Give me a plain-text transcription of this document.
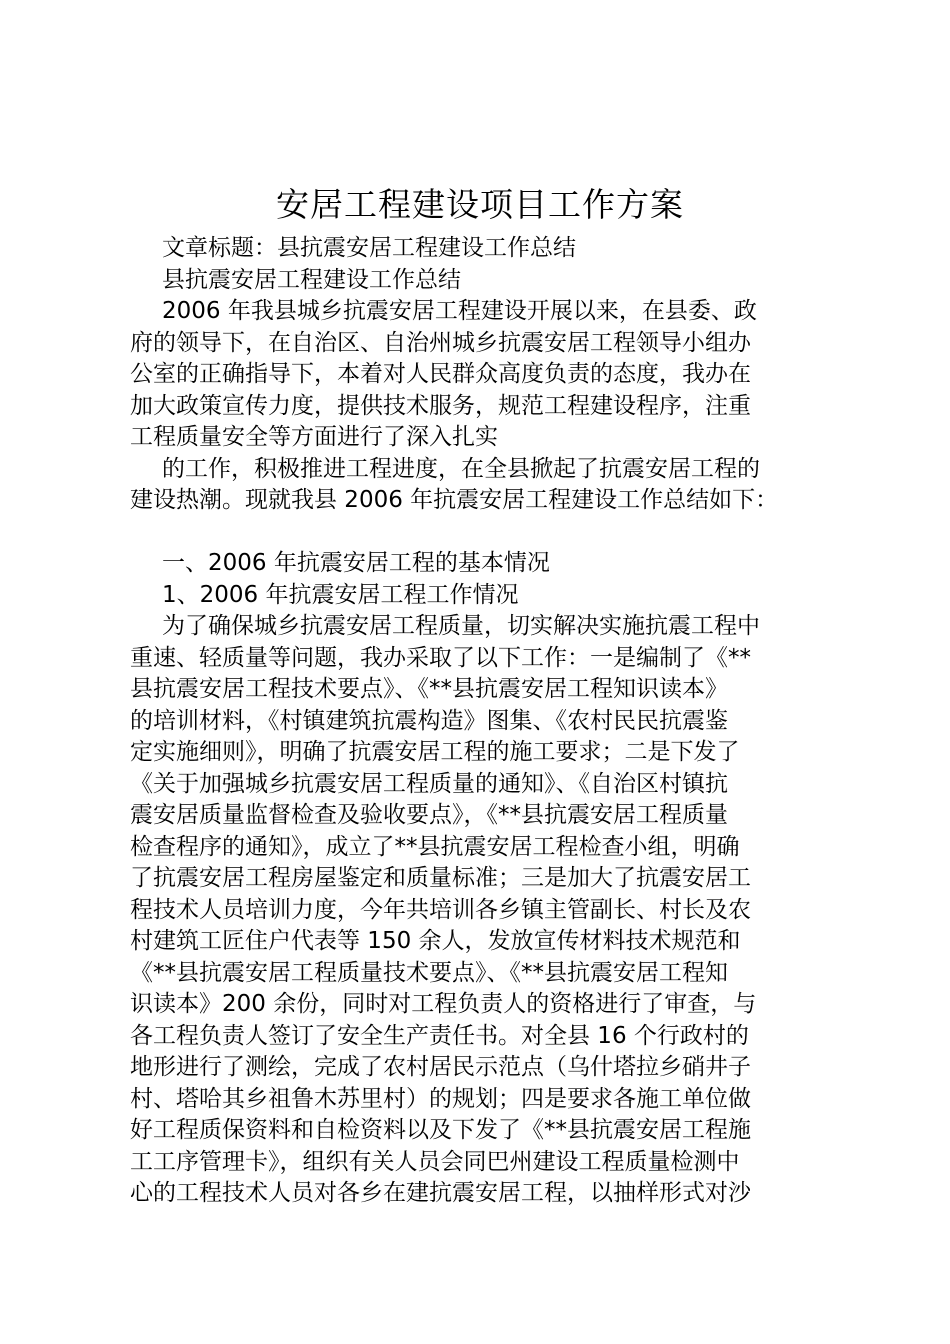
安居工程建设项目工作方案
文章标题：县抗震安居工程建设工作总结
县抗震安居工程建设工作总结
2006 年我县城乡抗震安居工程建设开展以来，在县委、政
府的领导下，在自治区、自治州城乡抗震安居工程领导小组办
公室的正确指导下，本着对人民群众高度负责的态度，我办在
加大政策宣传力度，提供技术服务，规范工程建设程序，注重
工程质量安全等方面进行了深入扎实
的工作，积极推进工程进度，在全县掀起了抗震安居工程的
建设热潮。现就我县 2006 年抗震安居工程建设工作总结如下：
一、2006 年抗震安居工程的基本情况
1、2006 年抗震安居工程工作情况
为了确保城乡抗震安居工程质量，切实解决实施抗震工程中
重速、轻质量等问题，我办采取了以下工作：一是编制了《**
县抗震安居工程技术要点》、《**县抗震安居工程知识读本》
的培训材料，《村镇建筑抗震构造》图集、《农村民民抗震鉴
定实施细则》，明确了抗震安居工程的施工要求；二是下发了
《关于加强城乡抗震安居工程质量的通知》、《自治区村镇抗
震安居质量监督检查及验收要点》，《**县抗震安居工程质量
检查程序的通知》，成立了**县抗震安居工程检查小组，明确
了抗震安居工程房屋鉴定和质量标准；三是加大了抗震安居工
程技术人员培训力度，今年共培训各乡镇主管副长、村长及农
村建筑工匠住户代表等 150 余人，发放宣传材料技术规范和
《**县抗震安居工程质量技术要点》、《**县抗震安居工程知
识读本》200 余份，同时对工程负责人的资格进行了审查，与
各工程负责人签订了安全生产责任书。对全县 16 个行政村的
地形进行了测绘，完成了农村居民示范点（乌什塔拉乡硝井子
村、塔哈其乡祖鲁木苏里村）的规划；四是要求各施工单位做
好工程质保资料和自检资料以及下发了《**县抗震安居工程施
工工序管理卡》，组织有关人员会同巴州建设工程质量检测中
心的工程技术人员对各乡在建抗震安居工程，以抽样形式对沙
